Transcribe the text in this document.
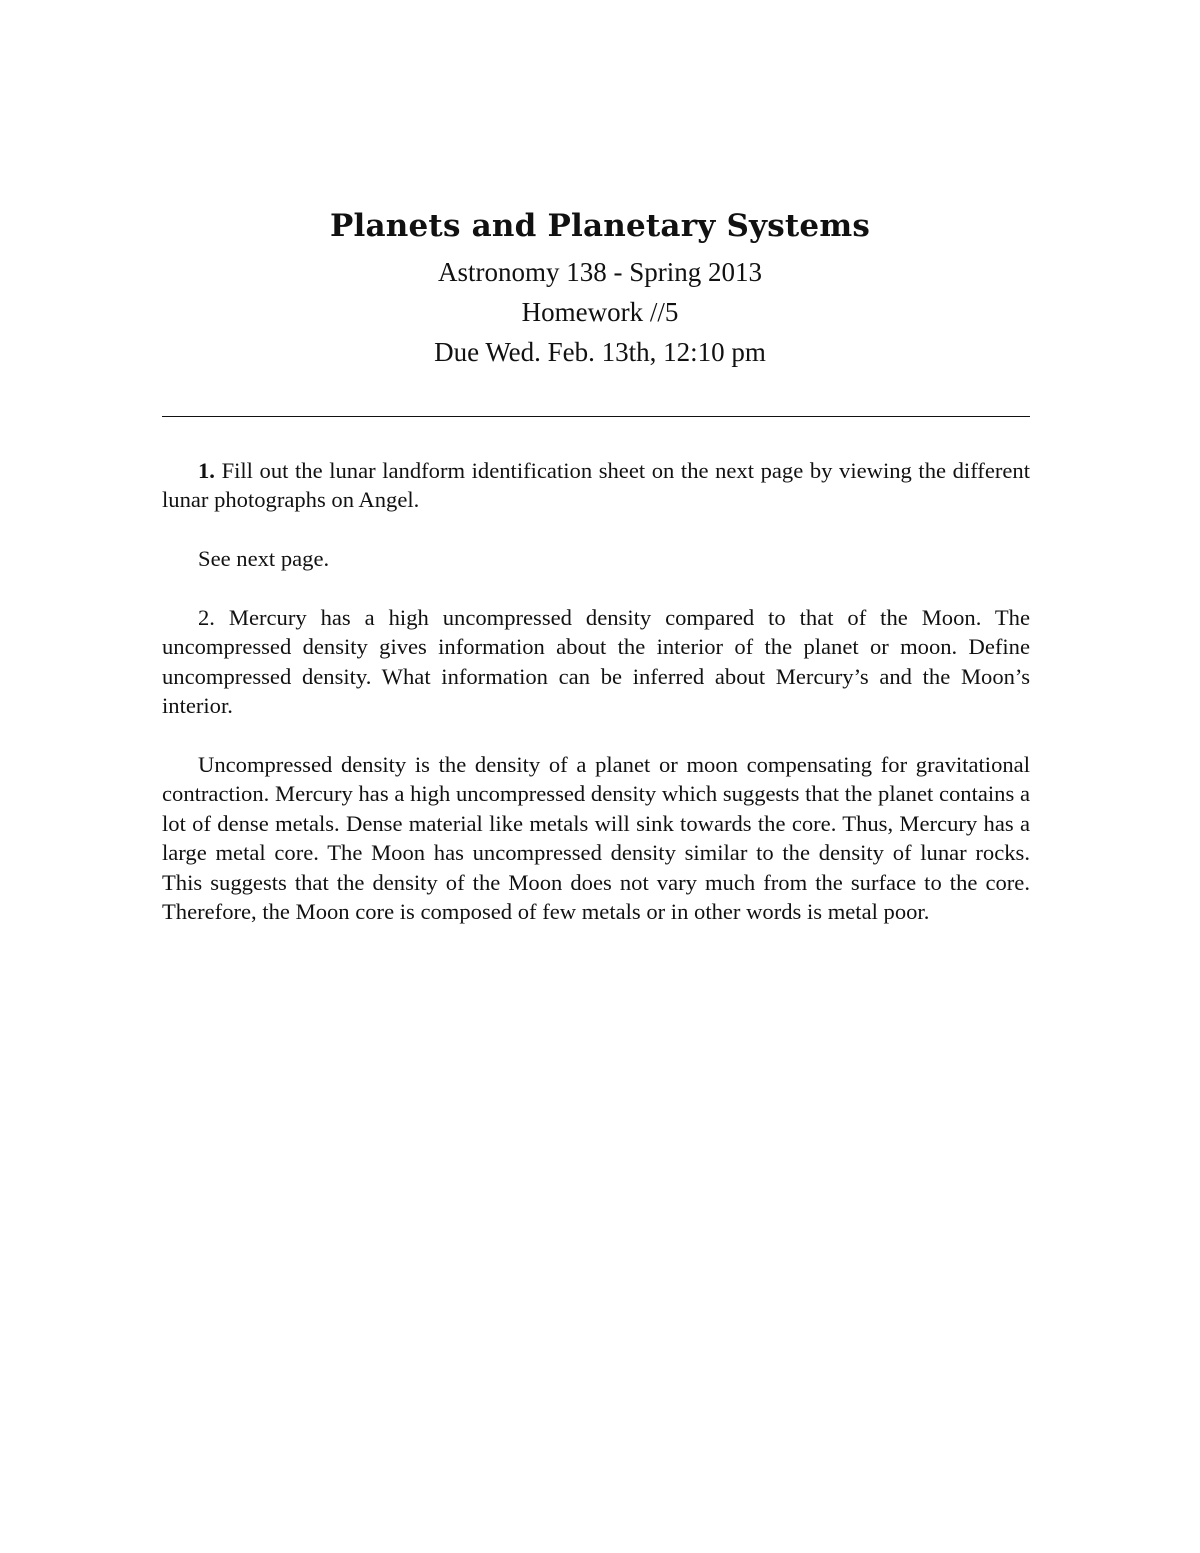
Planets and Planetary Systems
Astronomy 138 - Spring 2013
Homework //5
Due Wed. Feb. 13th, 12:10 pm

1. Fill out the lunar landform identification sheet on the next page by viewing the different lunar photographs on Angel.

See next page.

2. Mercury has a high uncompressed density compared to that of the Moon. The uncompressed density gives information about the interior of the planet or moon. Define uncompressed density. What information can be inferred about Mercury’s and the Moon’s interior.

Uncompressed density is the density of a planet or moon compensating for gravitational contraction. Mercury has a high uncompressed density which suggests that the planet contains a lot of dense metals. Dense material like metals will sink towards the core. Thus, Mercury has a large metal core. The Moon has uncompressed density similar to the density of lunar rocks. This suggests that the density of the Moon does not vary much from the surface to the core. Therefore, the Moon core is composed of few metals or in other words is metal poor.
